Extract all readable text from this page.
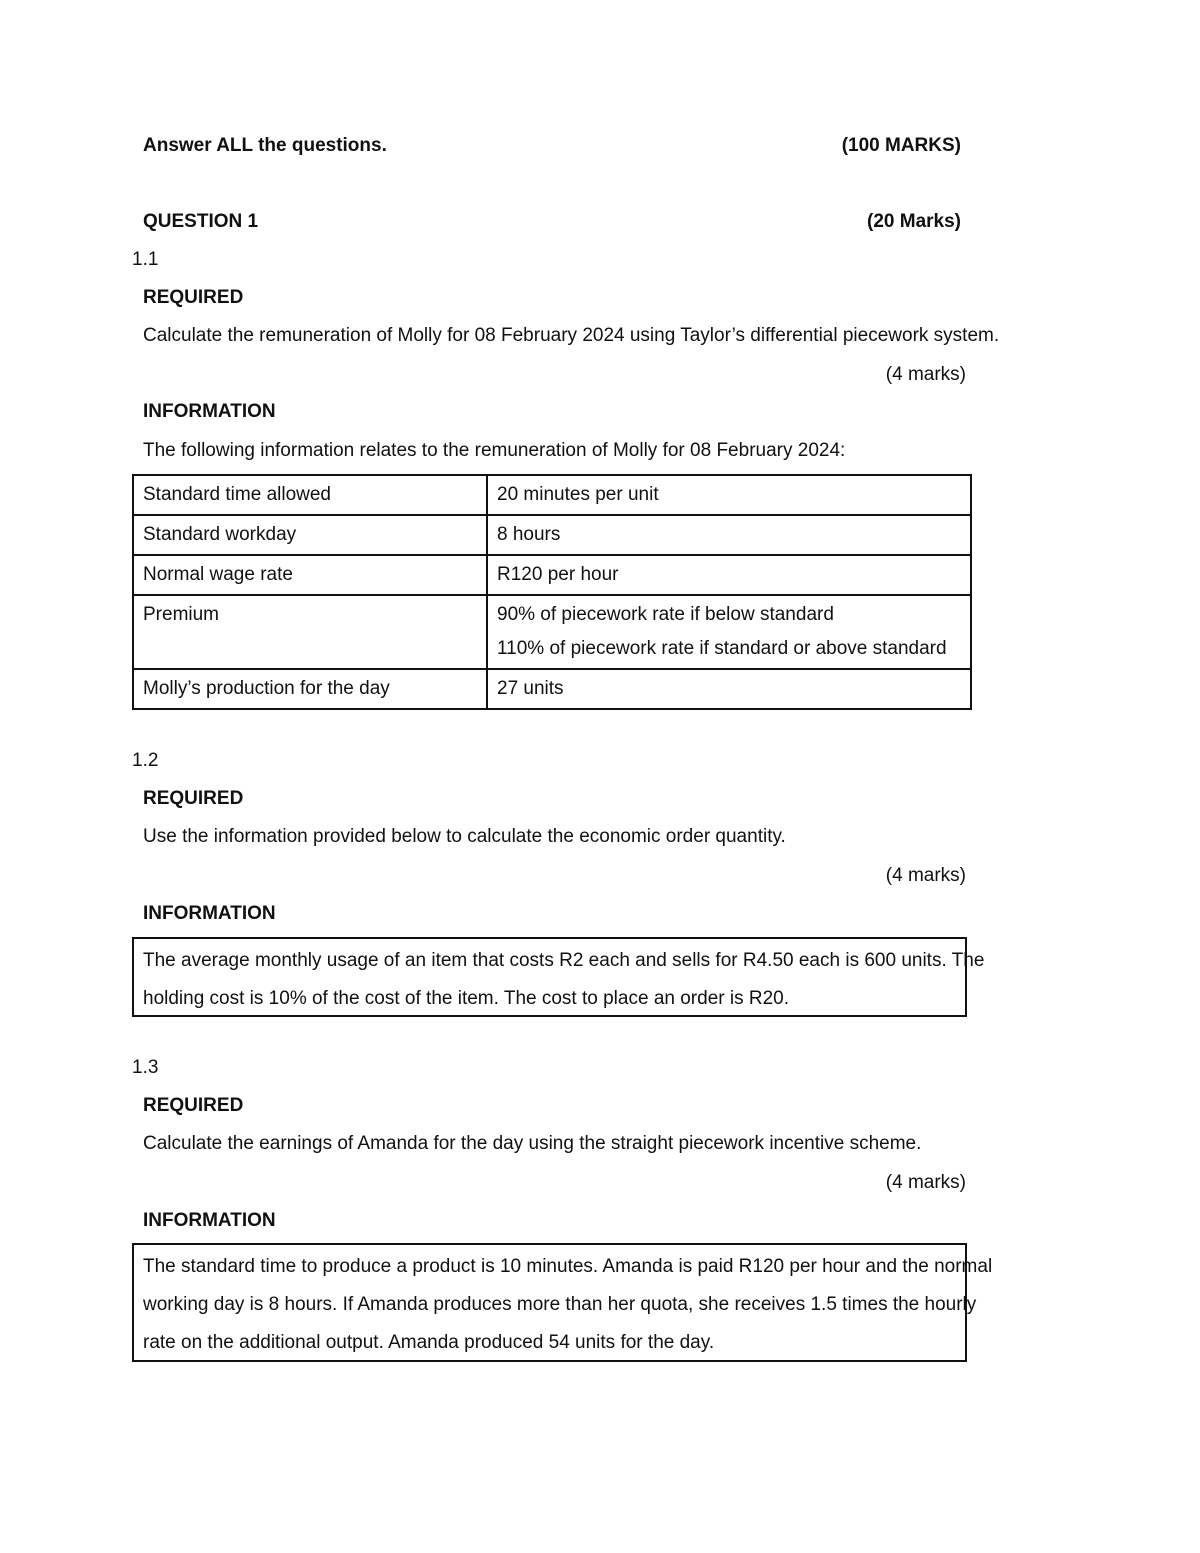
Answer ALL the questions.	(100 MARKS)
QUESTION 1	(20 Marks)
1.1
REQUIRED
Calculate the remuneration of Molly for 08 February 2024 using Taylor’s differential piecework system.
(4 marks)
INFORMATION
The following information relates to the remuneration of Molly for 08 February 2024:
Standard time allowed	20 minutes per unit
Standard workday	8 hours
Normal wage rate	R120 per hour
Premium	90% of piecework rate if below standard
110% of piecework rate if standard or above standard

Molly’s production for the day	27 units
1.2
REQUIRED
Use the information provided below to calculate the economic order quantity.
(4 marks)
INFORMATION
The average monthly usage of an item that costs R2 each and sells for R4.50 each is 600 units. The
holding cost is 10% of the cost of the item. The cost to place an order is R20.
1.3
REQUIRED
Calculate the earnings of Amanda for the day using the straight piecework incentive scheme.
(4 marks)
INFORMATION
The standard time to produce a product is 10 minutes. Amanda is paid R120 per hour and the normal
working day is 8 hours. If Amanda produces more than her quota, she receives 1.5 times the hourly
rate on the additional output. Amanda produced 54 units for the day.
